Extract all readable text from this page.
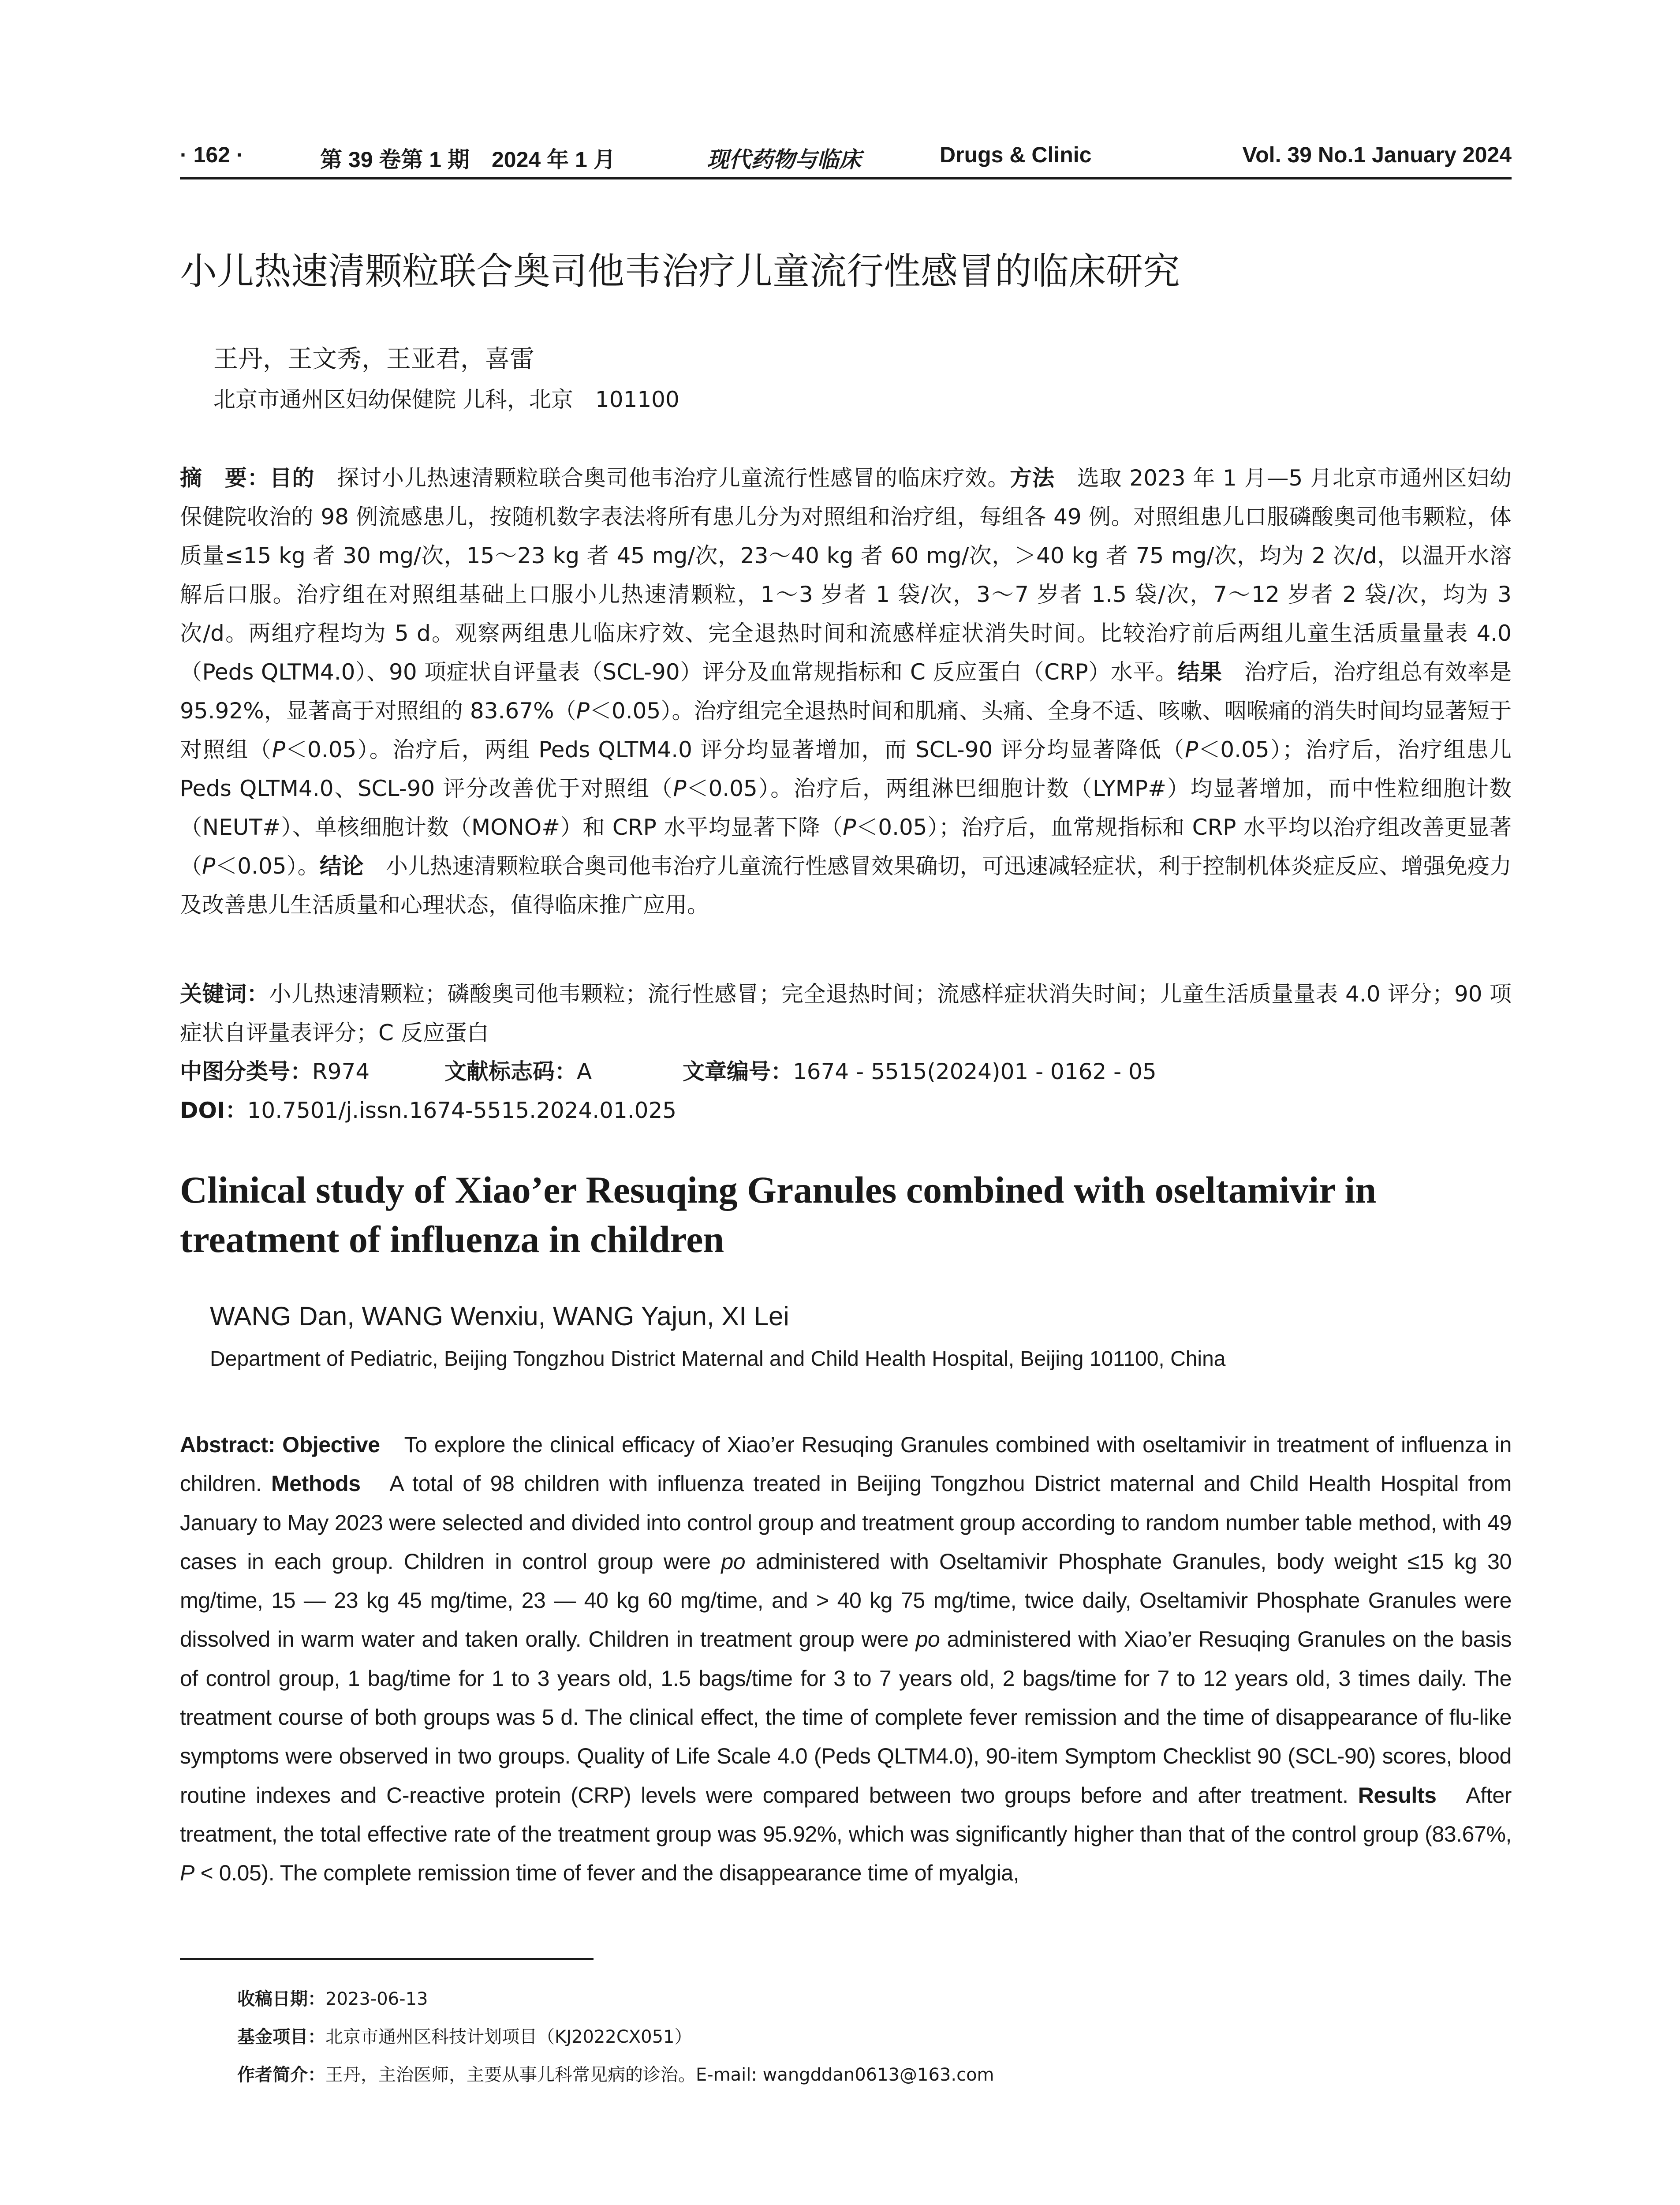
· 162 ·	第 39 卷第 1 期　2024 年 1 月	现代药物与临床	Drugs & Clinic	Vol. 39 No.1 January 2024
小儿热速清颗粒联合奥司他韦治疗儿童流行性感冒的临床研究
王丹，王文秀，王亚君，喜雷
北京市通州区妇幼保健院 儿科，北京　101100
摘　要：目的　探讨小儿热速清颗粒联合奥司他韦治疗儿童流行性感冒的临床疗效。方法　选取 2023 年 1 月—5 月北京市通州区妇幼保健院收治的 98 例流感患儿，按随机数字表法将所有患儿分为对照组和治疗组，每组各 49 例。对照组患儿口服磷酸奥司他韦颗粒，体质量≤15 kg 者 30 mg/次，15～23 kg 者 45 mg/次，23～40 kg 者 60 mg/次，＞40 kg 者 75 mg/次，均为 2 次/d，以温开水溶解后口服。治疗组在对照组基础上口服小儿热速清颗粒，1～3 岁者 1 袋/次，3～7 岁者 1.5 袋/次，7～12 岁者 2 袋/次，均为 3 次/d。两组疗程均为 5 d。观察两组患儿临床疗效、完全退热时间和流感样症状消失时间。比较治疗前后两组儿童生活质量量表 4.0（Peds QLTM4.0）、90 项症状自评量表（SCL-90）评分及血常规指标和 C 反应蛋白（CRP）水平。结果　治疗后，治疗组总有效率是 95.92%，显著高于对照组的 83.67%（P＜0.05）。治疗组完全退热时间和肌痛、头痛、全身不适、咳嗽、咽喉痛的消失时间均显著短于对照组（P＜0.05）。治疗后，两组 Peds QLTM4.0 评分均显著增加，而 SCL-90 评分均显著降低（P＜0.05）；治疗后，治疗组患儿 Peds QLTM4.0、SCL-90 评分改善优于对照组（P＜0.05）。治疗后，两组淋巴细胞计数（LYMP#）均显著增加，而中性粒细胞计数（NEUT#）、单核细胞计数（MONO#）和 CRP 水平均显著下降（P＜0.05）；治疗后，血常规指标和 CRP 水平均以治疗组改善更显著（P＜0.05）。结论　小儿热速清颗粒联合奥司他韦治疗儿童流行性感冒效果确切，可迅速减轻症状，利于控制机体炎症反应、增强免疫力及改善患儿生活质量和心理状态，值得临床推广应用。
关键词：小儿热速清颗粒；磷酸奥司他韦颗粒；流行性感冒；完全退热时间；流感样症状消失时间；儿童生活质量量表 4.0 评分；90 项症状自评量表评分；C 反应蛋白
中图分类号：R974	文献标志码：A	文章编号：1674 - 5515(2024)01 - 0162 - 05
DOI：10.7501/j.issn.1674-5515.2024.01.025
Clinical study of Xiao’er Resuqing Granules combined with oseltamivir in treatment of influenza in children
WANG Dan, WANG Wenxiu, WANG Yajun, XI Lei
Department of Pediatric, Beijing Tongzhou District Maternal and Child Health Hospital, Beijing 101100, China
Abstract: Objective　To explore the clinical efficacy of Xiao’er Resuqing Granules combined with oseltamivir in treatment of influenza in children. Methods　A total of 98 children with influenza treated in Beijing Tongzhou District maternal and Child Health Hospital from January to May 2023 were selected and divided into control group and treatment group according to random number table method, with 49 cases in each group. Children in control group were po administered with Oseltamivir Phosphate Granules, body weight ≤15 kg 30 mg/time, 15 — 23 kg 45 mg/time, 23 — 40 kg 60 mg/time, and > 40 kg 75 mg/time, twice daily, Oseltamivir Phosphate Granules were dissolved in warm water and taken orally. Children in treatment group were po administered with Xiao’er Resuqing Granules on the basis of control group, 1 bag/time for 1 to 3 years old, 1.5 bags/time for 3 to 7 years old, 2 bags/time for 7 to 12 years old, 3 times daily. The treatment course of both groups was 5 d. The clinical effect, the time of complete fever remission and the time of disappearance of flu-like symptoms were observed in two groups. Quality of Life Scale 4.0 (Peds QLTM4.0), 90-item Symptom Checklist 90 (SCL-90) scores, blood routine indexes and C-reactive protein (CRP) levels were compared between two groups before and after treatment. Results　After treatment, the total effective rate of the treatment group was 95.92%, which was significantly higher than that of the control group (83.67%, P < 0.05). The complete remission time of fever and the disappearance time of myalgia,
收稿日期：2023-06-13
基金项目：北京市通州区科技计划项目（KJ2022CX051）
作者简介：王丹，主治医师，主要从事儿科常见病的诊治。E-mail: wangddan0613@163.com
